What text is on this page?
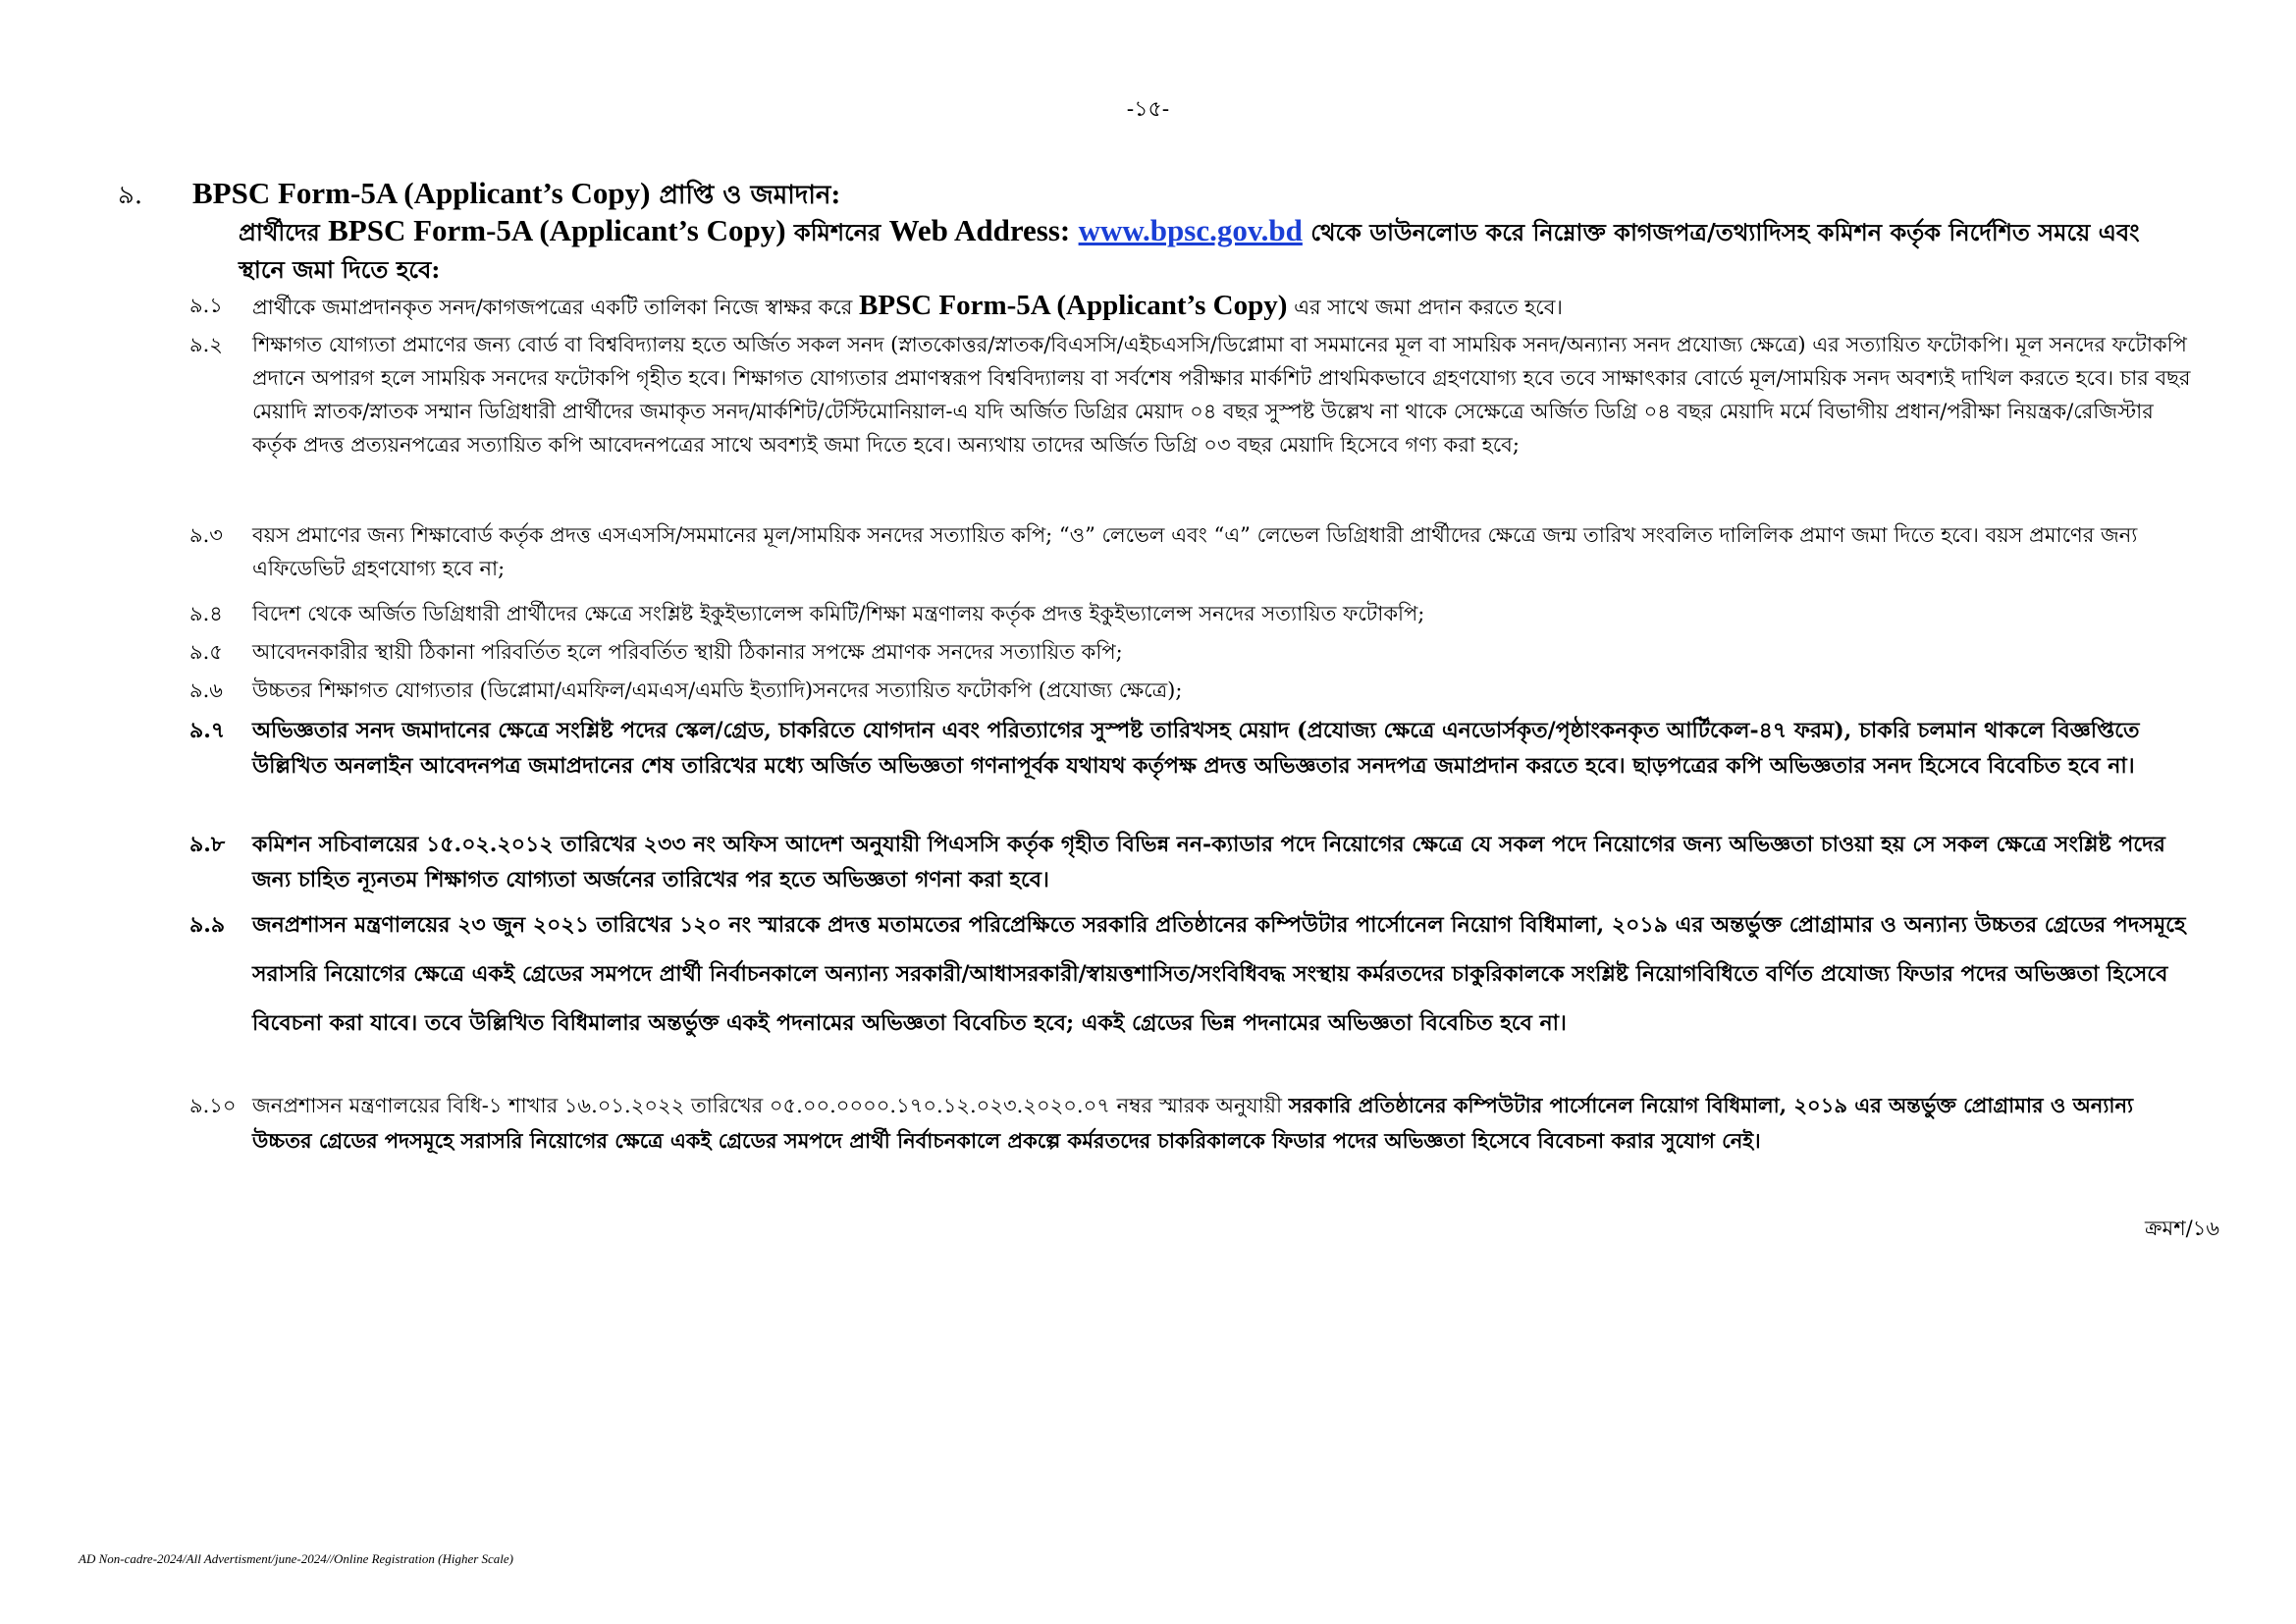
-১৫-
৯. BPSC Form-5A (Applicant’s Copy) প্রাপ্তি ও জমাদান:
প্রার্থীদের BPSC Form-5A (Applicant’s Copy) কমিশনের Web Address: www.bpsc.gov.bd থেকে ডাউনলোড করে নিম্নোক্ত কাগজপত্র/তথ্যাদিসহ কমিশন কর্তৃক নির্দেশিত সময়ে এবং স্থানে জমা দিতে হবে:
৯.১ প্রার্থীকে জমাপ্রদানকৃত সনদ/কাগজপত্রের একটি তালিকা নিজে স্বাক্ষর করে BPSC Form-5A (Applicant’s Copy) এর সাথে জমা প্রদান করতে হবে।
৯.২ শিক্ষাগত যোগ্যতা প্রমাণের জন্য বোর্ড বা বিশ্ববিদ্যালয় হতে অর্জিত সকল সনদ (স্নাতকোত্তর/স্নাতক/বিএসসি/এইচএসসি/ডিপ্লোমা বা সমমানের মূল বা সাময়িক সনদ/অন্যান্য সনদ প্রযোজ্য ক্ষেত্রে) এর সত্যায়িত ফটোকপি। মূল সনদের ফটোকপি প্রদানে অপারগ হলে সাময়িক সনদের ফটোকপি গৃহীত হবে। শিক্ষাগত যোগ্যতার প্রমাণস্বরূপ বিশ্ববিদ্যালয় বা সর্বশেষ পরীক্ষার মার্কশিট প্রাথমিকভাবে গ্রহণযোগ্য হবে তবে সাক্ষাৎকার বোর্ডে মূল/সাময়িক সনদ অবশ্যই দাখিল করতে হবে। চার বছর মেয়াদি স্নাতক/স্নাতক সম্মান ডিগ্রিধারী প্রার্থীদের জমাকৃত সনদ/মার্কশিট/টেস্টিমোনিয়াল-এ যদি অর্জিত ডিগ্রির মেয়াদ ০৪ বছর সুস্পষ্ট উল্লেখ না থাকে সেক্ষেত্রে অর্জিত ডিগ্রি ০৪ বছর মেয়াদি মর্মে বিভাগীয় প্রধান/পরীক্ষা নিয়ন্ত্রক/রেজিস্টার কর্তৃক প্রদত্ত প্রত্যয়নপত্রের সত্যায়িত কপি আবেদনপত্রের সাথে অবশ্যই জমা দিতে হবে। অন্যথায় তাদের অর্জিত ডিগ্রি ০৩ বছর মেয়াদি হিসেবে গণ্য করা হবে;
৯.৩ বয়স প্রমাণের জন্য শিক্ষাবোর্ড কর্তৃক প্রদত্ত এসএসসি/সমমানের মূল/সাময়িক সনদের সত্যায়িত কপি; “ও” লেভেল এবং “এ” লেভেল ডিগ্রিধারী প্রার্থীদের ক্ষেত্রে জন্ম তারিখ সংবলিত দালিলিক প্রমাণ জমা দিতে হবে। বয়স প্রমাণের জন্য এফিডেভিট গ্রহণযোগ্য হবে না;
৯.৪ বিদেশ থেকে অর্জিত ডিগ্রিধারী প্রার্থীদের ক্ষেত্রে সংশ্লিষ্ট ইকুইভ্যালেন্স কমিটি/শিক্ষা মন্ত্রণালয় কর্তৃক প্রদত্ত ইকুইভ্যালেন্স সনদের সত্যায়িত ফটোকপি;
৯.৫ আবেদনকারীর স্থায়ী ঠিকানা পরিবর্তিত হলে পরিবর্তিত স্থায়ী ঠিকানার সপক্ষে প্রমাণক সনদের সত্যায়িত কপি;
৯.৬ উচ্চতর শিক্ষাগত যোগ্যতার (ডিপ্লোমা/এমফিল/এমএস/এমডি ইত্যাদি)সনদের সত্যায়িত ফটোকপি (প্রযোজ্য ক্ষেত্রে);
৯.৭ অভিজ্ঞতার সনদ জমাদানের ক্ষেত্রে সংশ্লিষ্ট পদের স্কেল/গ্রেড, চাকরিতে যোগদান এবং পরিত্যাগের সুস্পষ্ট তারিখসহ মেয়াদ (প্রযোজ্য ক্ষেত্রে এনডোর্সকৃত/পৃষ্ঠাংকনকৃত আর্টিকেল-৪৭ ফরম), চাকরি চলমান থাকলে বিজ্ঞপ্তিতে উল্লিখিত অনলাইন আবেদনপত্র জমাপ্রদানের শেষ তারিখের মধ্যে অর্জিত অভিজ্ঞতা গণনাপূর্বক যথাযথ কর্তৃপক্ষ প্রদত্ত অভিজ্ঞতার সনদপত্র জমাপ্রদান করতে হবে। ছাড়পত্রের কপি অভিজ্ঞতার সনদ হিসেবে বিবেচিত হবে না।
৯.৮ কমিশন সচিবালয়ের ১৫.০২.২০১২ তারিখের ২৩৩ নং অফিস আদেশ অনুযায়ী পিএসসি কর্তৃক গৃহীত বিভিন্ন নন-ক্যাডার পদে নিয়োগের ক্ষেত্রে যে সকল পদে নিয়োগের জন্য অভিজ্ঞতা চাওয়া হয় সে সকল ক্ষেত্রে সংশ্লিষ্ট পদের জন্য চাহিত ন্যূনতম শিক্ষাগত যোগ্যতা অর্জনের তারিখের পর হতে অভিজ্ঞতা গণনা করা হবে।
৯.৯ জনপ্রশাসন মন্ত্রণালয়ের ২৩ জুন ২০২১ তারিখের ১২০ নং স্মারকে প্রদত্ত মতামতের পরিপ্রেক্ষিতে সরকারি প্রতিষ্ঠানের কম্পিউটার পার্সোনেল নিয়োগ বিধিমালা, ২০১৯ এর অন্তর্ভুক্ত প্রোগ্রামার ও অন্যান্য উচ্চতর গ্রেডের পদসমূহে সরাসরি নিয়োগের ক্ষেত্রে একই গ্রেডের সমপদে প্রার্থী নির্বাচনকালে অন্যান্য সরকারী/আধাসরকারী/স্বায়ত্তশাসিত/সংবিধিবদ্ধ সংস্থায় কর্মরতদের চাকুরিকালকে সংশ্লিষ্ট নিয়োগবিধিতে বর্ণিত প্রযোজ্য ফিডার পদের অভিজ্ঞতা হিসেবে বিবেচনা করা যাবে। তবে উল্লিখিত বিধিমালার অন্তর্ভুক্ত একই পদনামের অভিজ্ঞতা বিবেচিত হবে; একই গ্রেডের ভিন্ন পদনামের অভিজ্ঞতা বিবেচিত হবে না।
৯.১০ জনপ্রশাসন মন্ত্রণালয়ের বিধি-১ শাখার ১৬.০১.২০২২ তারিখের ০৫.০০.০০০০.১৭০.১২.০২৩.২০২০.০৭ নম্বর স্মারক অনুযায়ী সরকারি প্রতিষ্ঠানের কম্পিউটার পার্সোনেল নিয়োগ বিধিমালা, ২০১৯ এর অন্তর্ভুক্ত প্রোগ্রামার ও অন্যান্য উচ্চতর গ্রেডের পদসমূহে সরাসরি নিয়োগের ক্ষেত্রে একই গ্রেডের সমপদে প্রার্থী নির্বাচনকালে প্রকল্পে কর্মরতদের চাকরিকালকে ফিডার পদের অভিজ্ঞতা হিসেবে বিবেচনা করার সুযোগ নেই।
ক্রমশ/১৬
AD Non-cadre-2024/All Advertisment/june-2024//Online Registration (Higher Scale)
